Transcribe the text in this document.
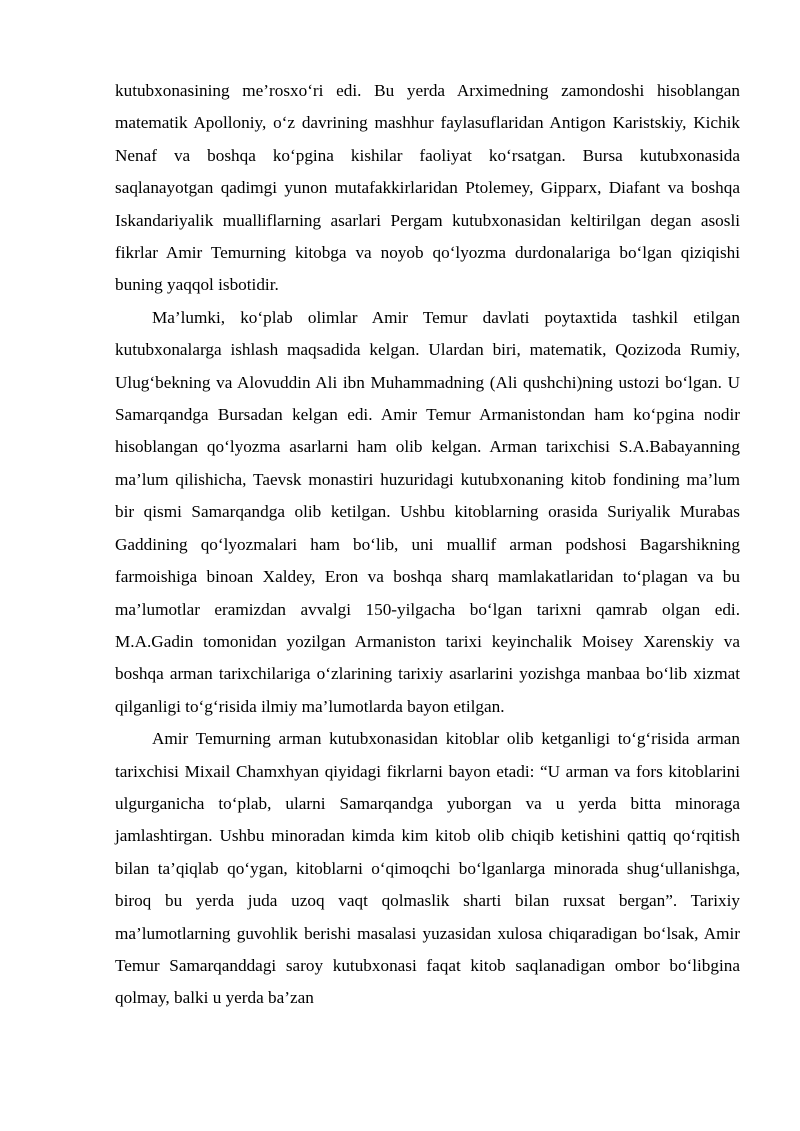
kutubxonasining me’rosxo‘ri edi. Bu yerda Arximedning zamondoshi hisoblangan matematik Apolloniy, o‘z davrining mashhur faylasuflaridan Antigon Karistskiy, Kichik Nenaf va boshqa ko‘pgina kishilar faoliyat ko‘rsatgan. Bursa kutubxonasida saqlanayotgan qadimgi yunon mutafakkirlaridan Ptolemey, Gipparx, Diafant va boshqa Iskandariyalik mualliflarning asarlari Pergam kutubxonasidan keltirilgan degan asosli fikrlar Amir Temurning kitobga va noyob qo‘lyozma durdonalariga bo‘lgan qiziqishi buning yaqqol isbotidir.

Ma’lumki, ko‘plab olimlar Amir Temur davlati poytaxtida tashkil etilgan kutubxonalarga ishlash maqsadida kelgan. Ulardan biri, matematik, Qozizoda Rumiy, Ulug‘bekning va Alovuddin Ali ibn Muhammadning (Ali qushchi)ning ustozi bo‘lgan. U Samarqandga Bursadan kelgan edi. Amir Temur Armanistondan ham ko‘pgina nodir hisoblangan qo‘lyozma asarlarni ham olib kelgan. Arman tarixchisi S.A.Babayanning ma’lum qilishicha, Taevsk monastiri huzuridagi kutubxonaning kitob fondining ma’lum bir qismi Samarqandga olib ketilgan. Ushbu kitoblarning orasida Suriyalik Murabas Gaddining qo‘lyozmalari ham bo‘lib, uni muallif arman podshosi Bagarshikning farmoishiga binoan Xaldey, Eron va boshqa sharq mamlakatlaridan to‘plagan va bu ma’lumotlar eramizdan avvalgi 150-yilgacha bo‘lgan tarixni qamrab olgan edi. M.A.Gadin tomonidan yozilgan Armaniston tarixi keyinchalik Moisey Xarenskiy va boshqa arman tarixchilariga o‘zlarining tarixiy asarlarini yozishga manbaa bo‘lib xizmat qilganligi to‘g‘risida ilmiy ma’lumotlarda bayon etilgan.

Amir Temurning arman kutubxonasidan kitoblar olib ketganligi to‘g‘risida arman tarixchisi Mixail Chamxhyan qiyidagi fikrlarni bayon etadi: “U arman va fors kitoblarini ulgurganicha to‘plab, ularni Samarqandga yuborgan va u yerda bitta minoraga jamlashtirgan. Ushbu minoradan kimda kim kitob olib chiqib ketishini qattiq qo‘rqitish bilan ta’qiqlab qo‘ygan, kitoblarni o‘qimoqchi bo‘lganlarga minorada shug‘ullanishga, biroq bu yerda juda uzoq vaqt qolmaslik sharti bilan ruxsat bergan”. Tarixiy ma’lumotlarning guvohlik berishi masalasi yuzasidan xulosa chiqaradigan bo‘lsak, Amir Temur Samarqanddagi saroy kutubxonasi faqat kitob saqlanadigan ombor bo‘libgina qolmay, balki u yerda ba’zan
